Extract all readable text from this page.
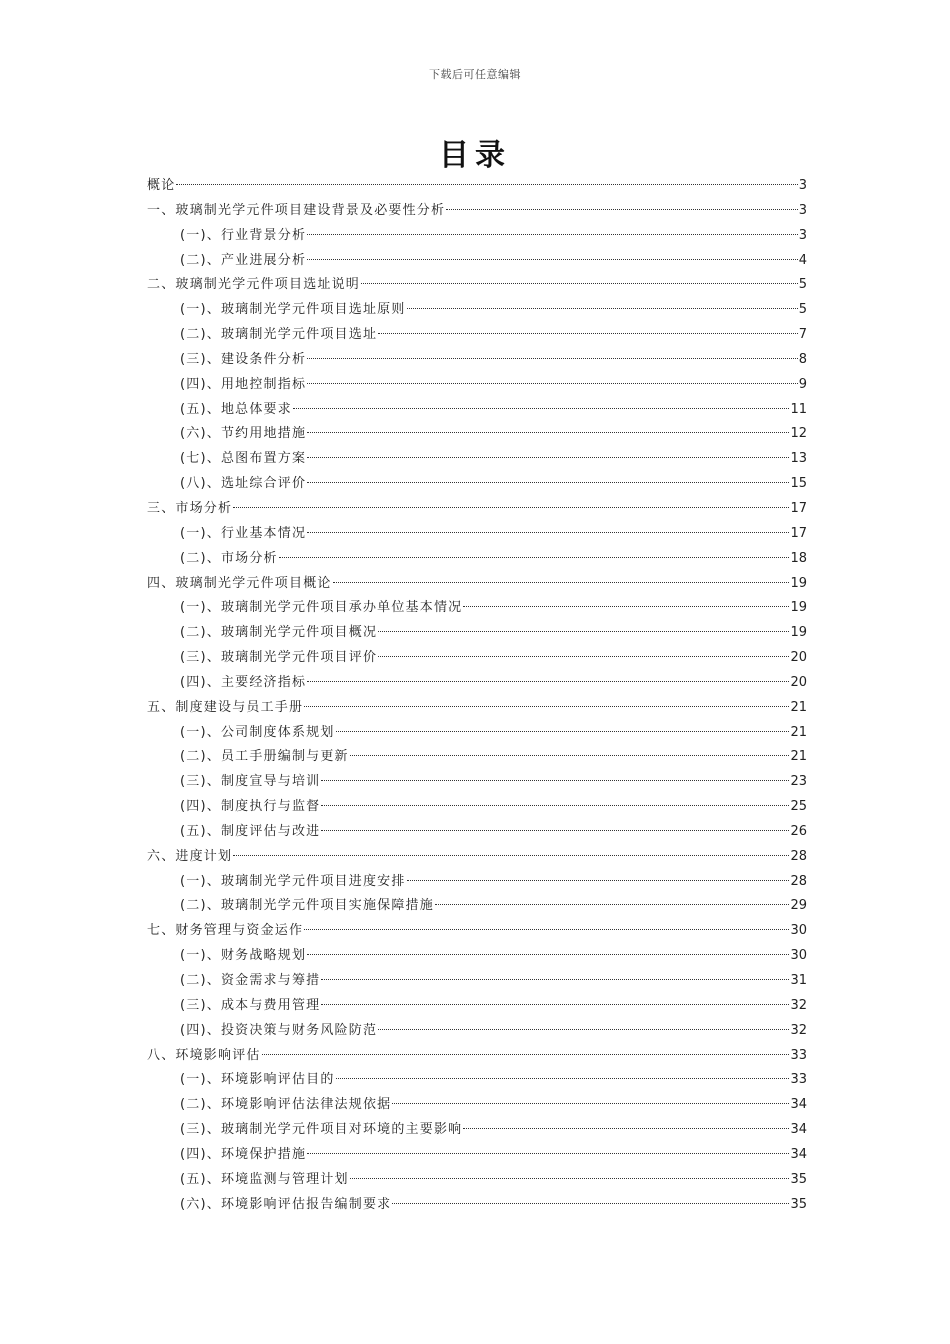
下载后可任意编辑
目录
概论	3
一、玻璃制光学元件项目建设背景及必要性分析	3
(一)、行业背景分析	3
(二)、产业进展分析	4
二、玻璃制光学元件项目选址说明	5
(一)、玻璃制光学元件项目选址原则	5
(二)、玻璃制光学元件项目选址	7
(三)、建设条件分析	8
(四)、用地控制指标	9
(五)、地总体要求	11
(六)、节约用地措施	12
(七)、总图布置方案	13
(八)、选址综合评价	15
三、市场分析	17
(一)、行业基本情况	17
(二)、市场分析	18
四、玻璃制光学元件项目概论	19
(一)、玻璃制光学元件项目承办单位基本情况	19
(二)、玻璃制光学元件项目概况	19
(三)、玻璃制光学元件项目评价	20
(四)、主要经济指标	20
五、制度建设与员工手册	21
(一)、公司制度体系规划	21
(二)、员工手册编制与更新	21
(三)、制度宣导与培训	23
(四)、制度执行与监督	25
(五)、制度评估与改进	26
六、进度计划	28
(一)、玻璃制光学元件项目进度安排	28
(二)、玻璃制光学元件项目实施保障措施	29
七、财务管理与资金运作	30
(一)、财务战略规划	30
(二)、资金需求与筹措	31
(三)、成本与费用管理	32
(四)、投资决策与财务风险防范	32
八、环境影响评估	33
(一)、环境影响评估目的	33
(二)、环境影响评估法律法规依据	34
(三)、玻璃制光学元件项目对环境的主要影响	34
(四)、环境保护措施	34
(五)、环境监测与管理计划	35
(六)、环境影响评估报告编制要求	35
